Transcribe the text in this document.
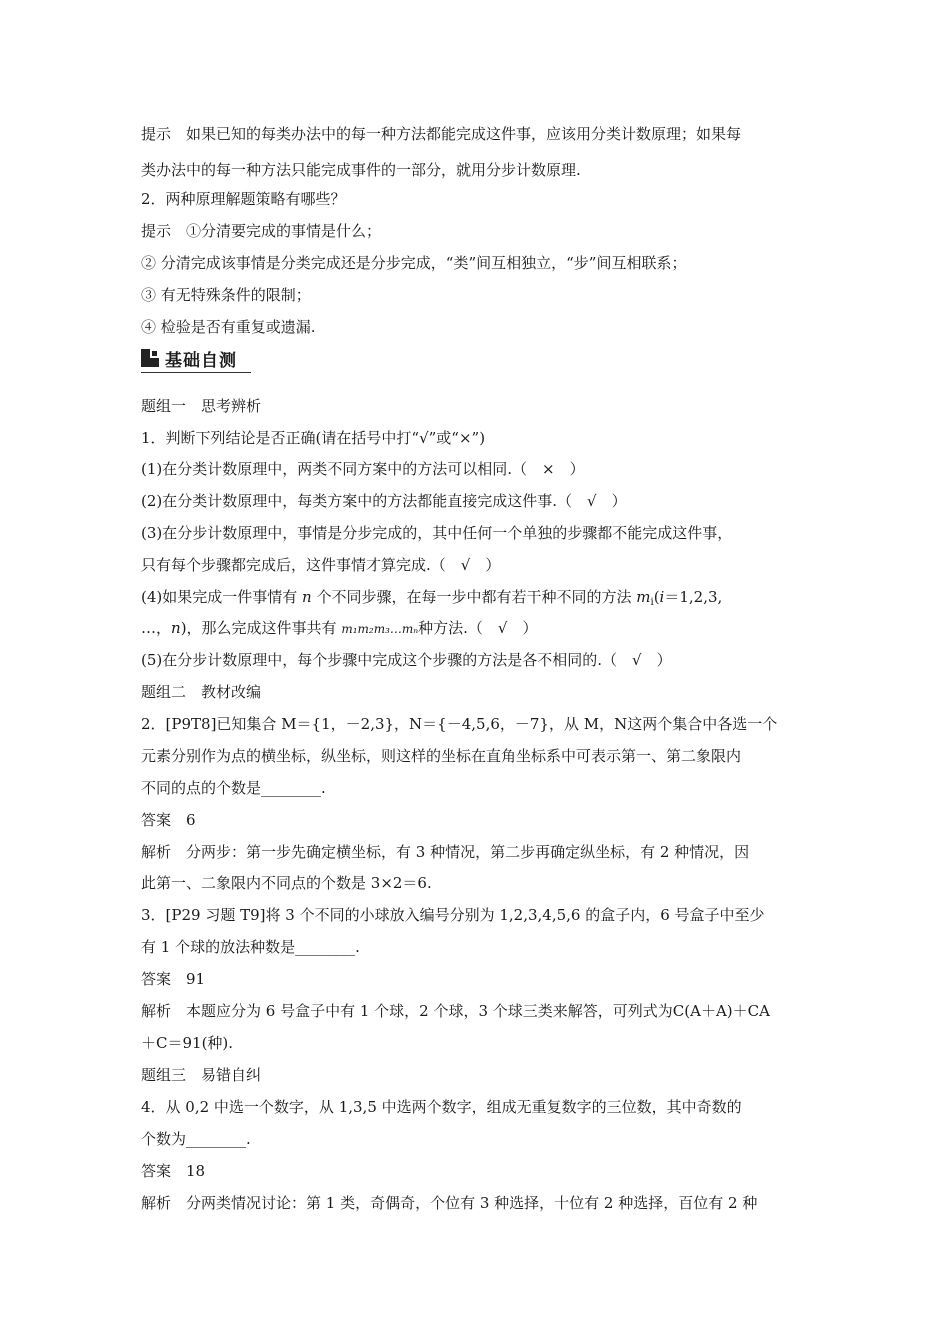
提示　如果已知的每类办法中的每一种方法都能完成这件事，应该用分类计数原理；如果每
类办法中的每一种方法只能完成事件的一部分，就用分步计数原理.
2．两种原理解题策略有哪些？
提示　①分清要完成的事情是什么；
② 分清完成该事情是分类完成还是分步完成，“类”间互相独立，“步”间互相联系；
③ 有无特殊条件的限制；
④ 检验是否有重复或遗漏.
基础自测
题组一　思考辨析
1．判断下列结论是否正确(请在括号中打“√”或“×”)
(1)在分类计数原理中，两类不同方案中的方法可以相同.（　×　）
(2)在分类计数原理中，每类方案中的方法都能直接完成这件事.（　√　）
(3)在分步计数原理中，事情是分步完成的，其中任何一个单独的步骤都不能完成这件事，
只有每个步骤都完成后，这件事情才算完成.（　√　）
(4)如果完成一件事情有 n 个不同步骤，在每一步中都有若干种不同的方法 $m_i(i=1,2,3$,
…，n)，那么完成这件事共有 m₁m₂m₃…mₙ种方法.（　√　）
(5)在分步计数原理中，每个步骤中完成这个步骤的方法是各不相同的.（　√　）
题组二　教材改编
2．[P9T8]已知集合 M＝{1，－2,3}，N＝{－4,5,6，－7}，从 M，N这两个集合中各选一个
元素分别作为点的横坐标，纵坐标，则这样的坐标在直角坐标系中可表示第一、第二象限内
不同的点的个数是________.
答案　6
解析　分两步：第一步先确定横坐标，有 3 种情况，第二步再确定纵坐标，有 2 种情况，因
此第一、二象限内不同点的个数是 3×2＝6.
3．[P29 习题 T9]将 3 个不同的小球放入编号分别为 1,2,3,4,5,6 的盒子内，6 号盒子中至少
有 1 个球的放法种数是________.
答案　91
解析　本题应分为 6 号盒子中有 1 个球，2 个球，3 个球三类来解答，可列式为C(A＋A)＋CA
＋C＝91(种).
题组三　易错自纠
4．从 0,2 中选一个数字，从 1,3,5 中选两个数字，组成无重复数字的三位数，其中奇数的
个数为________.
答案　18
解析　分两类情况讨论：第 1 类，奇偶奇，个位有 3 种选择，十位有 2 种选择，百位有 2 种
